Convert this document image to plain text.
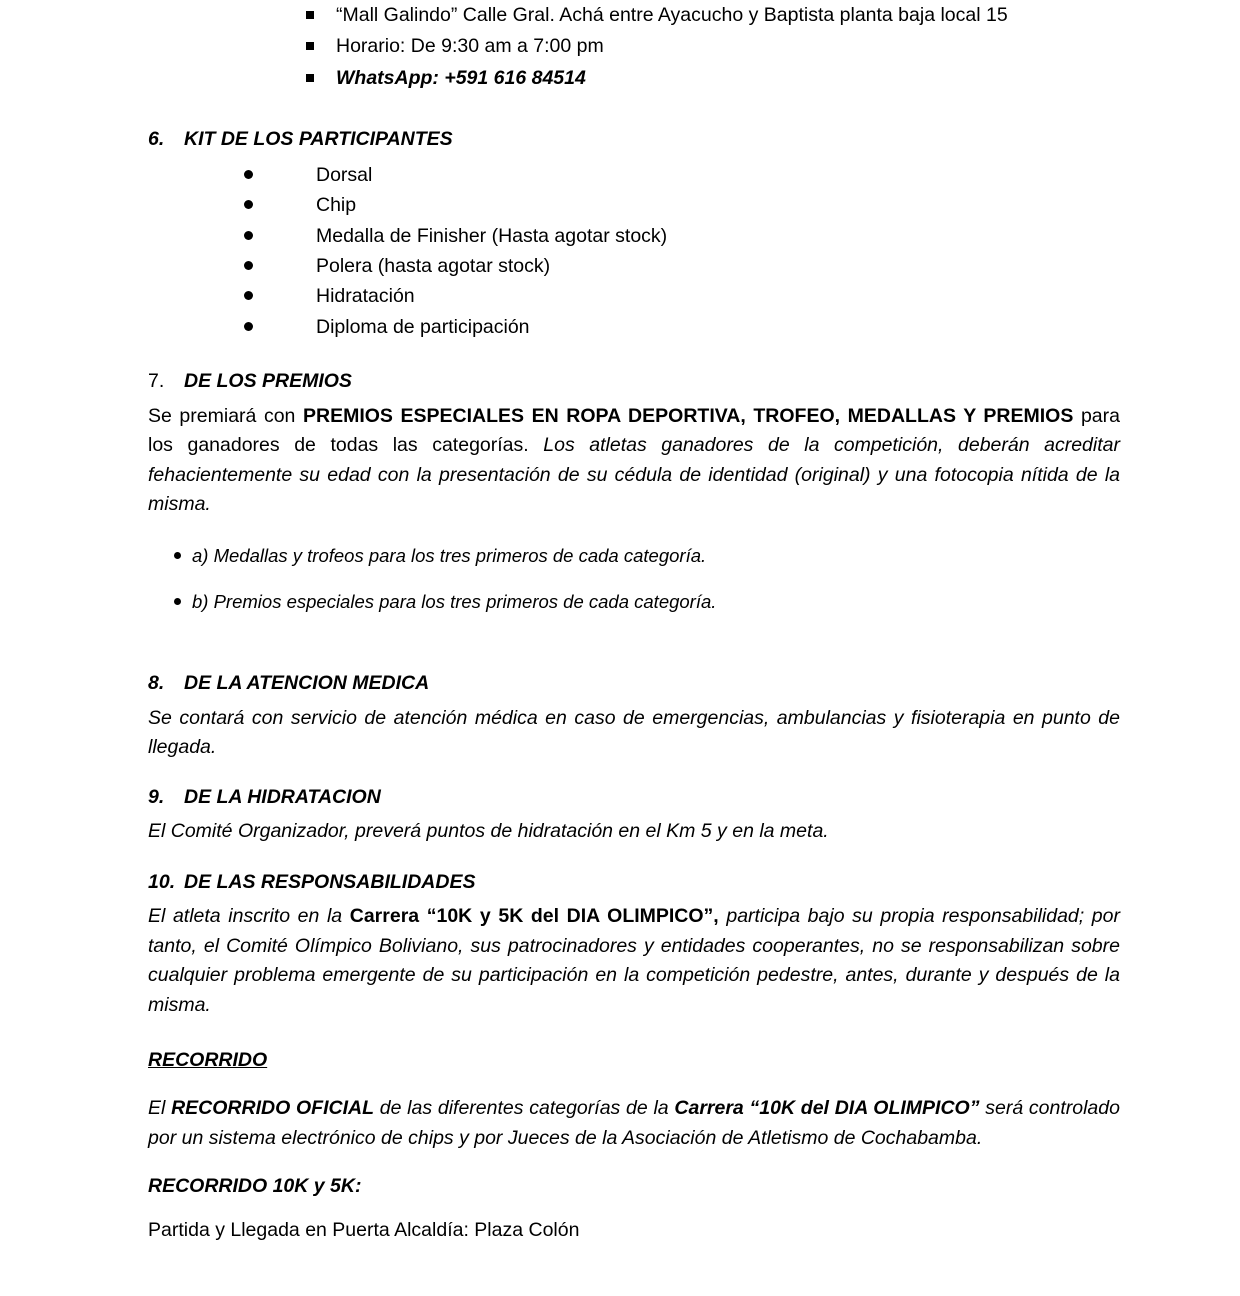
“Mall Galindo” Calle Gral. Achá entre Ayacucho y Baptista planta baja local 15
Horario: De 9:30 am a 7:00 pm
WhatsApp: +591 616 84514
6.	KIT DE LOS PARTICIPANTES
Dorsal
Chip
Medalla de Finisher (Hasta agotar stock)
Polera (hasta agotar stock)
Hidratación
Diploma de participación
7.	DE LOS PREMIOS

Se premiará con PREMIOS ESPECIALES EN ROPA DEPORTIVA, TROFEO, MEDALLAS Y PREMIOS para los ganadores de todas las categorías. Los atletas ganadores de la competición, deberán acreditar fehacientemente su edad con la presentación de su cédula de identidad (original) y una fotocopia nítida de la misma.

a) Medallas y trofeos para los tres primeros de cada categoría.
b) Premios especiales para los tres primeros de cada categoría.
8.	DE LA ATENCION MEDICA

Se contará con servicio de atención médica en caso de emergencias, ambulancias y fisioterapia en punto de llegada.

9.	DE LA HIDRATACION

El Comité Organizador, preverá puntos de hidratación en el Km 5 y en la meta.

10. DE LAS RESPONSABILIDADES

El atleta inscrito en la Carrera “10K y 5K del DIA OLIMPICO”, participa bajo su propia responsabilidad; por tanto, el Comité Olímpico Boliviano, sus patrocinadores y entidades cooperantes, no se responsabilizan sobre cualquier problema emergente de su participación en la competición pedestre, antes, durante y después de la misma.

RECORRIDO

El RECORRIDO OFICIAL de las diferentes categorías de la Carrera “10K del DIA OLIMPICO” será controlado por un sistema electrónico de chips y por Jueces de la Asociación de Atletismo de Cochabamba.

RECORRIDO 10K y 5K:
Partida y Llegada en Puerta Alcaldía: Plaza Colón
